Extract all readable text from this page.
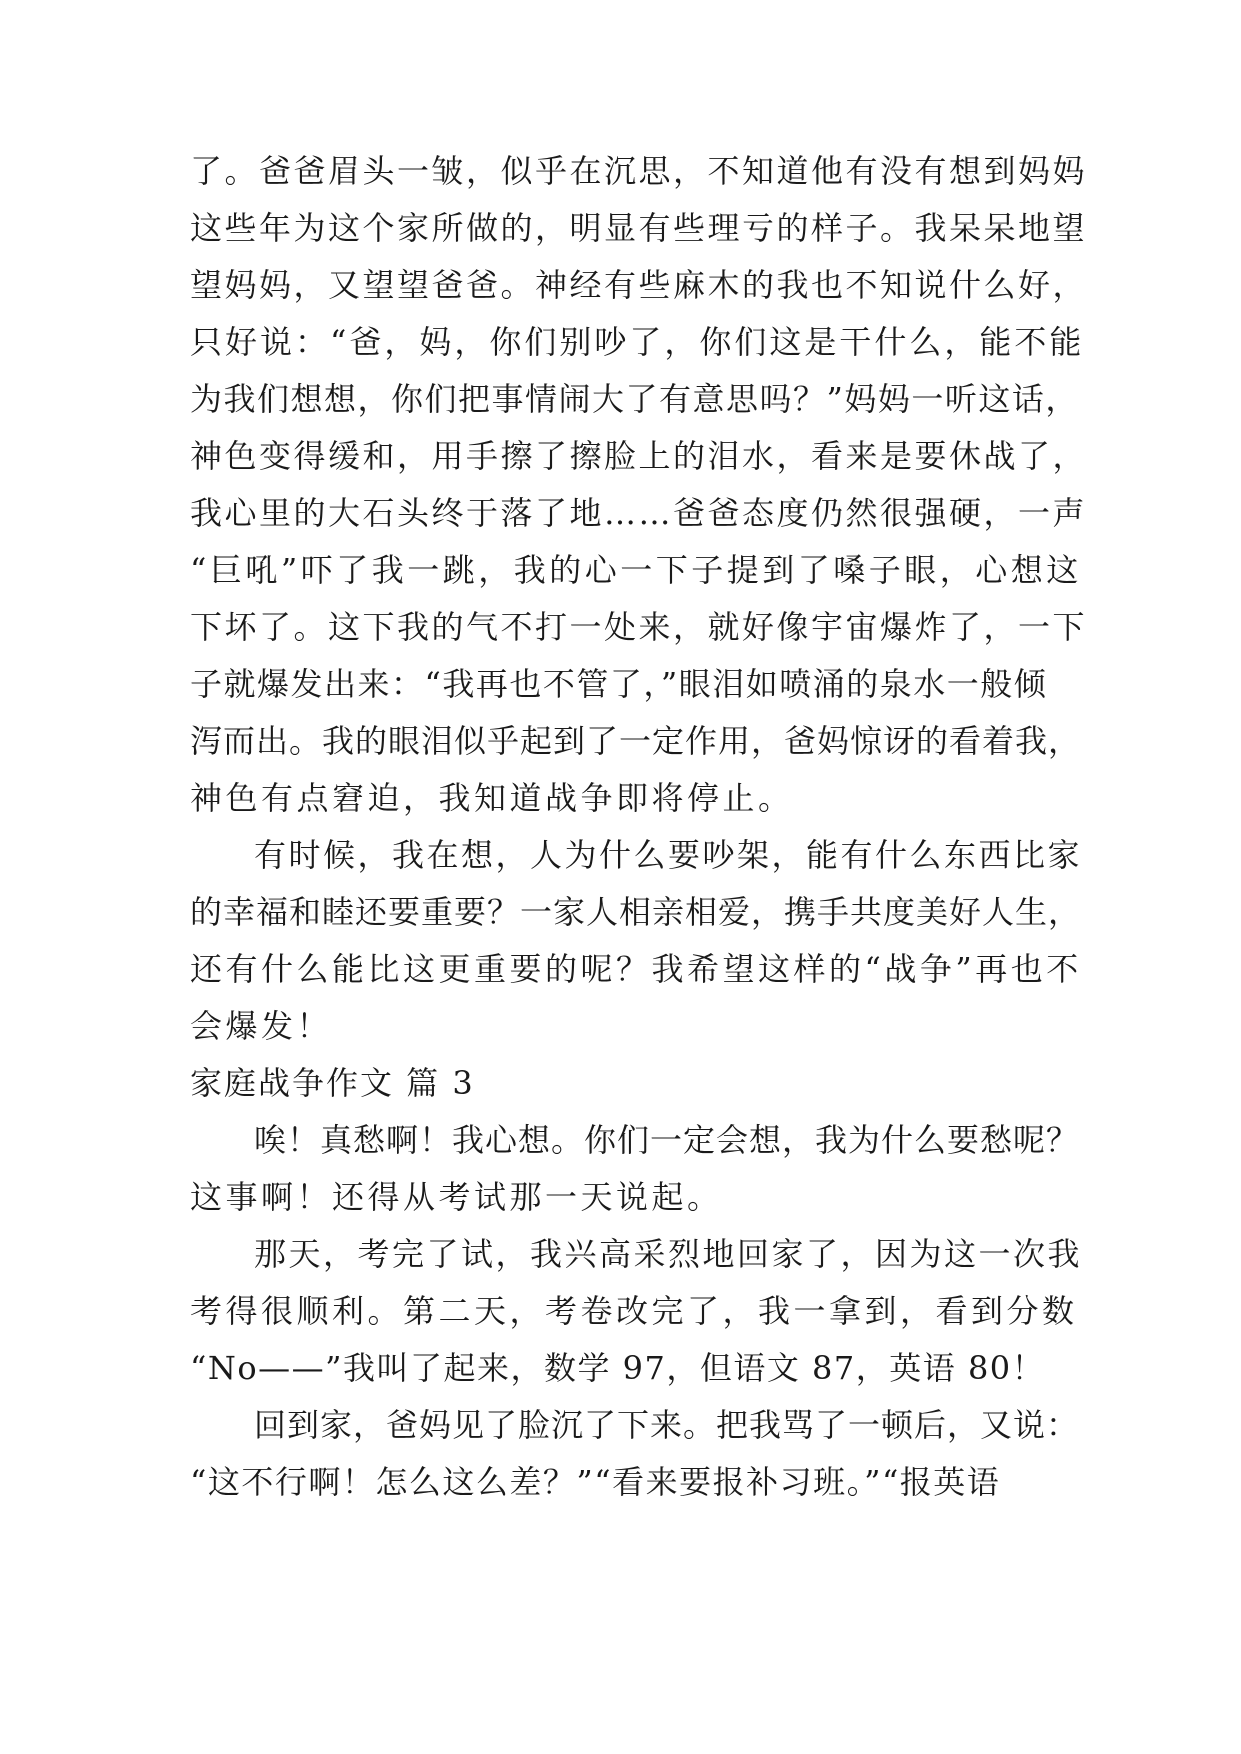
了。爸爸眉头一皱，似乎在沉思，不知道他有没有想到妈妈
这些年为这个家所做的，明显有些理亏的样子。我呆呆地望
望妈妈，又望望爸爸。神经有些麻木的我也不知说什么好，
只好说：“爸，妈，你们别吵了，你们这是干什么，能不能
为我们想想，你们把事情闹大了有意思吗？”妈妈一听这话，
神色变得缓和，用手擦了擦脸上的泪水，看来是要休战了，
我心里的大石头终于落了地……爸爸态度仍然很强硬，一声
“巨吼”吓了我一跳，我的心一下子提到了嗓子眼，心想这
下坏了。这下我的气不打一处来，就好像宇宙爆炸了，一下
子就爆发出来：“我再也不管了，”眼泪如喷涌的泉水一般倾
泻而出。我的眼泪似乎起到了一定作用，爸妈惊讶的看着我，
神色有点窘迫，我知道战争即将停止。
有时候，我在想，人为什么要吵架，能有什么东西比家
的幸福和睦还要重要？一家人相亲相爱，携手共度美好人生，
还有什么能比这更重要的呢？我希望这样的“战争”再也不
会爆发！
家庭战争作文 篇 3
唉！真愁啊！我心想。你们一定会想，我为什么要愁呢？
这事啊！还得从考试那一天说起。
那天，考完了试，我兴高采烈地回家了，因为这一次我
考得很顺利。第二天，考卷改完了，我一拿到，看到分数
“No——”我叫了起来，数学 97，但语文 87，英语 80！
回到家，爸妈见了脸沉了下来。把我骂了一顿后，又说：
“这不行啊！怎么这么差？”“看来要报补习班。”“报英语
